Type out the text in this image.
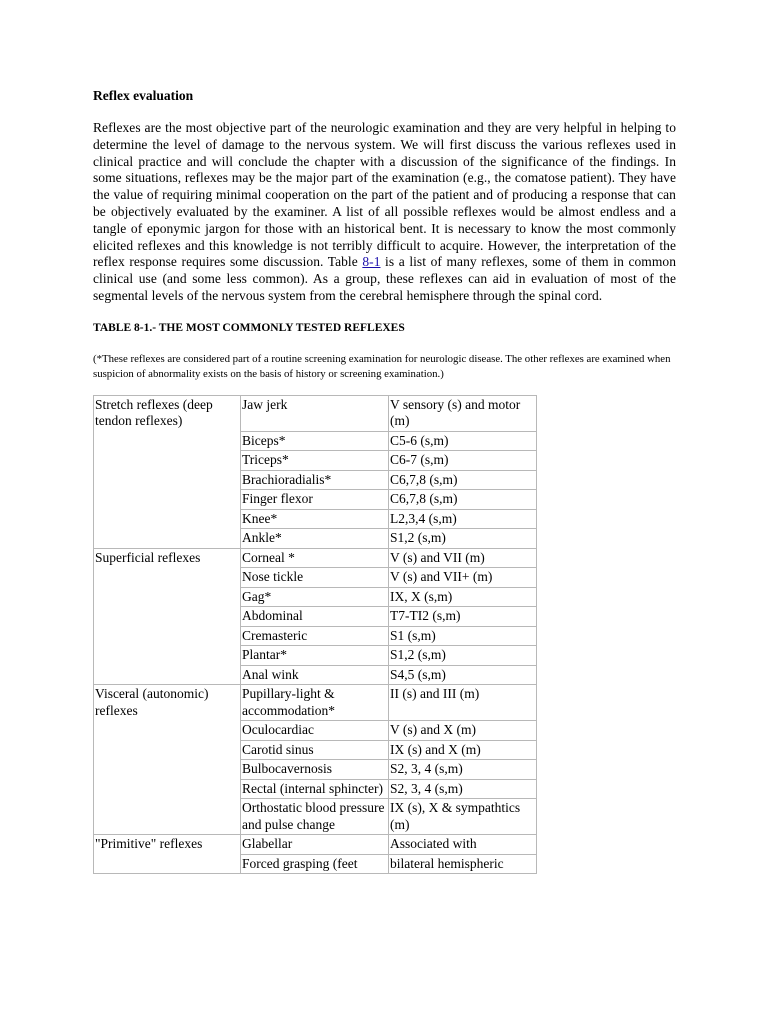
Reflex evaluation

Reflexes are the most objective part of the neurologic examination and they are very helpful in helping to determine the level of damage to the nervous system. We will first discuss the various reflexes used in clinical practice and will conclude the chapter with a discussion of the significance of the findings. In some situations, reflexes may be the major part of the examination (e.g., the comatose patient). They have the value of requiring minimal cooperation on the part of the patient and of producing a response that can be objectively evaluated by the examiner. A list of all possible reflexes would be almost endless and a tangle of eponymic jargon for those with an historical bent. It is necessary to know the most commonly elicited reflexes and this knowledge is not terribly difficult to acquire. However, the interpretation of the reflex response requires some discussion. Table 8-1 is a list of many reflexes, some of them in common clinical use (and some less common). As a group, these reflexes can aid in evaluation of most of the segmental levels of the nervous system from the cerebral hemisphere through the spinal cord.

TABLE 8-1.- THE MOST COMMONLY TESTED REFLEXES
(*These reflexes are considered part of a routine screening examination for neurologic disease. The other reflexes are examined when suspicion of abnormality exists on the basis of history or screening examination.)
Stretch reflexes (deep tendon reflexes)	Jaw jerk	V sensory (s) and motor (m)
	Biceps*	C5-6 (s,m)
	Triceps*	C6-7 (s,m)
	Brachioradialis*	C6,7,8 (s,m)
	Finger flexor	C6,7,8 (s,m)
	Knee*	L2,3,4 (s,m)
	Ankle*	S1,2 (s,m)
Superficial reflexes	Corneal *	V (s) and VII (m)
	Nose tickle	V (s) and VII+ (m)
	Gag*	IX, X (s,m)
	Abdominal	T7-TI2 (s,m)
	Cremasteric	S1 (s,m)
	Plantar*	S1,2 (s,m)
	Anal wink	S4,5 (s,m)
Visceral (autonomic) reflexes	Pupillary-light & accommodation*	II (s) and III (m)
	Oculocardiac	V (s) and X (m)
	Carotid sinus	IX (s) and X (m)
	Bulbocavernosis	S2, 3, 4 (s,m)
	Rectal (internal sphincter)	S2, 3, 4 (s,m)
	Orthostatic blood pressure and pulse change	IX (s), X & sympathtics (m)
"Primitive" reflexes	Glabellar	Associated with
	Forced grasping (feet	bilateral hemispheric
